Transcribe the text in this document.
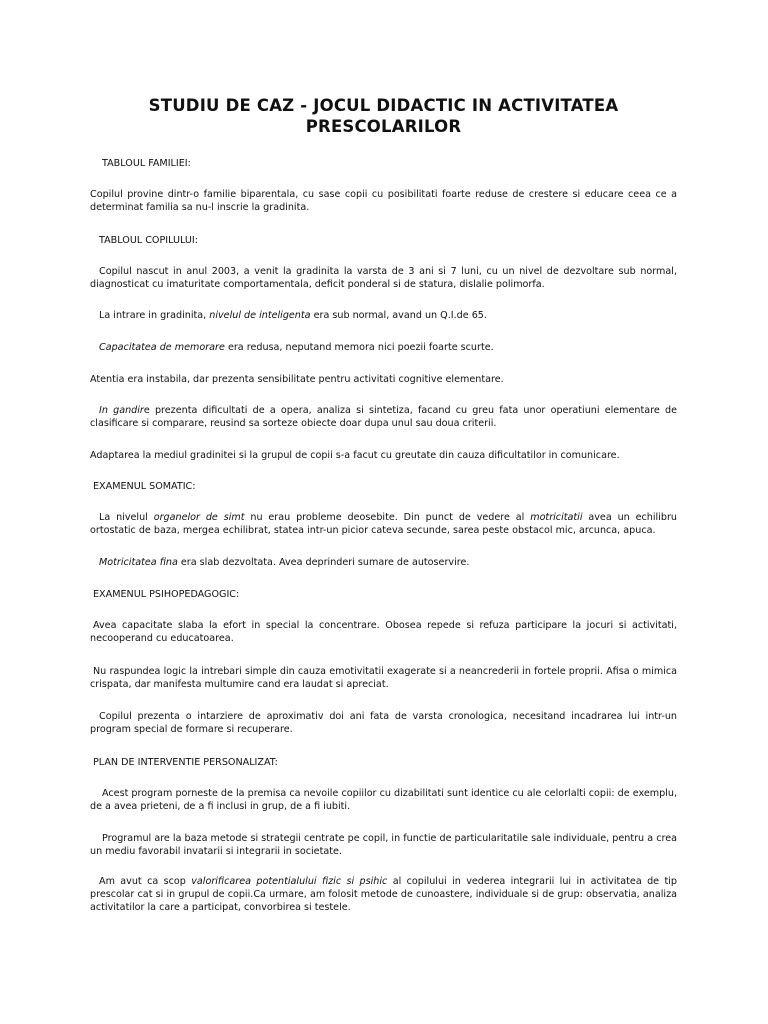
STUDIU DE CAZ - JOCUL DIDACTIC IN ACTIVITATEA PRESCOLARILOR

TABLOUL FAMILIEI:

Copilul provine dintr-o familie biparentala, cu sase copii cu posibilitati foarte reduse de crestere si educare ceea ce a determinat familia sa nu-l inscrie la gradinita.

TABLOUL COPILULUI:

Copilul nascut in anul 2003, a venit la gradinita la varsta de 3 ani si 7 luni, cu un nivel de dezvoltare sub normal, diagnosticat cu imaturitate comportamentala, deficit ponderal si de statura, dislalie polimorfa.

La intrare in gradinita, nivelul de inteligenta era sub normal, avand un Q.I.de 65.

Capacitatea de memorare era redusa, neputand memora nici poezii foarte scurte.

Atentia era instabila, dar prezenta sensibilitate pentru activitati cognitive elementare.

In gandire prezenta dificultati de a opera, analiza si sintetiza, facand cu greu fata unor operatiuni elementare de clasificare si comparare, reusind sa sorteze obiecte doar dupa unul sau doua criterii.

Adaptarea la mediul gradinitei si la grupul de copii s-a facut cu greutate din cauza dificultatilor in comunicare.

EXAMENUL SOMATIC:

La nivelul organelor de simt nu erau probleme deosebite. Din punct de vedere al motricitatii avea un echilibru ortostatic de baza, mergea echilibrat, statea intr-un picior cateva secunde, sarea peste obstacol mic, arcunca, apuca.

Motricitatea fina era slab dezvoltata. Avea deprinderi sumare de autoservire.

EXAMENUL PSIHOPEDAGOGIC:

Avea capacitate slaba la efort in special la concentrare. Obosea repede si refuza participare la jocuri si activitati, necooperand cu educatoarea.

Nu raspundea logic la intrebari simple din cauza emotivitatii exagerate si a neancrederii in fortele proprii. Afisa o mimica crispata, dar manifesta multumire cand era laudat si apreciat.

Copilul prezenta o intarziere de aproximativ doi ani fata de varsta cronologica, necesitand incadrarea lui intr-un program special de formare si recuperare.

PLAN DE INTERVENTIE PERSONALIZAT:

Acest program porneste de la premisa ca nevoile copiilor cu dizabilitati sunt identice cu ale celorlalti copii: de exemplu, de a avea prieteni, de a fi inclusi in grup, de a fi iubiti.

Programul are la baza metode si strategii centrate pe copil, in functie de particularitatile sale individuale, pentru a crea un mediu favorabil invatarii si integrarii in societate.

Am avut ca scop valorificarea potentialului fizic si psihic al copilului in vederea integrarii lui in activitatea de tip prescolar cat si in grupul de copii.Ca urmare, am folosit metode de cunoastere, individuale si de grup: observatia, analiza activitatilor la care a participat, convorbirea si testele.
